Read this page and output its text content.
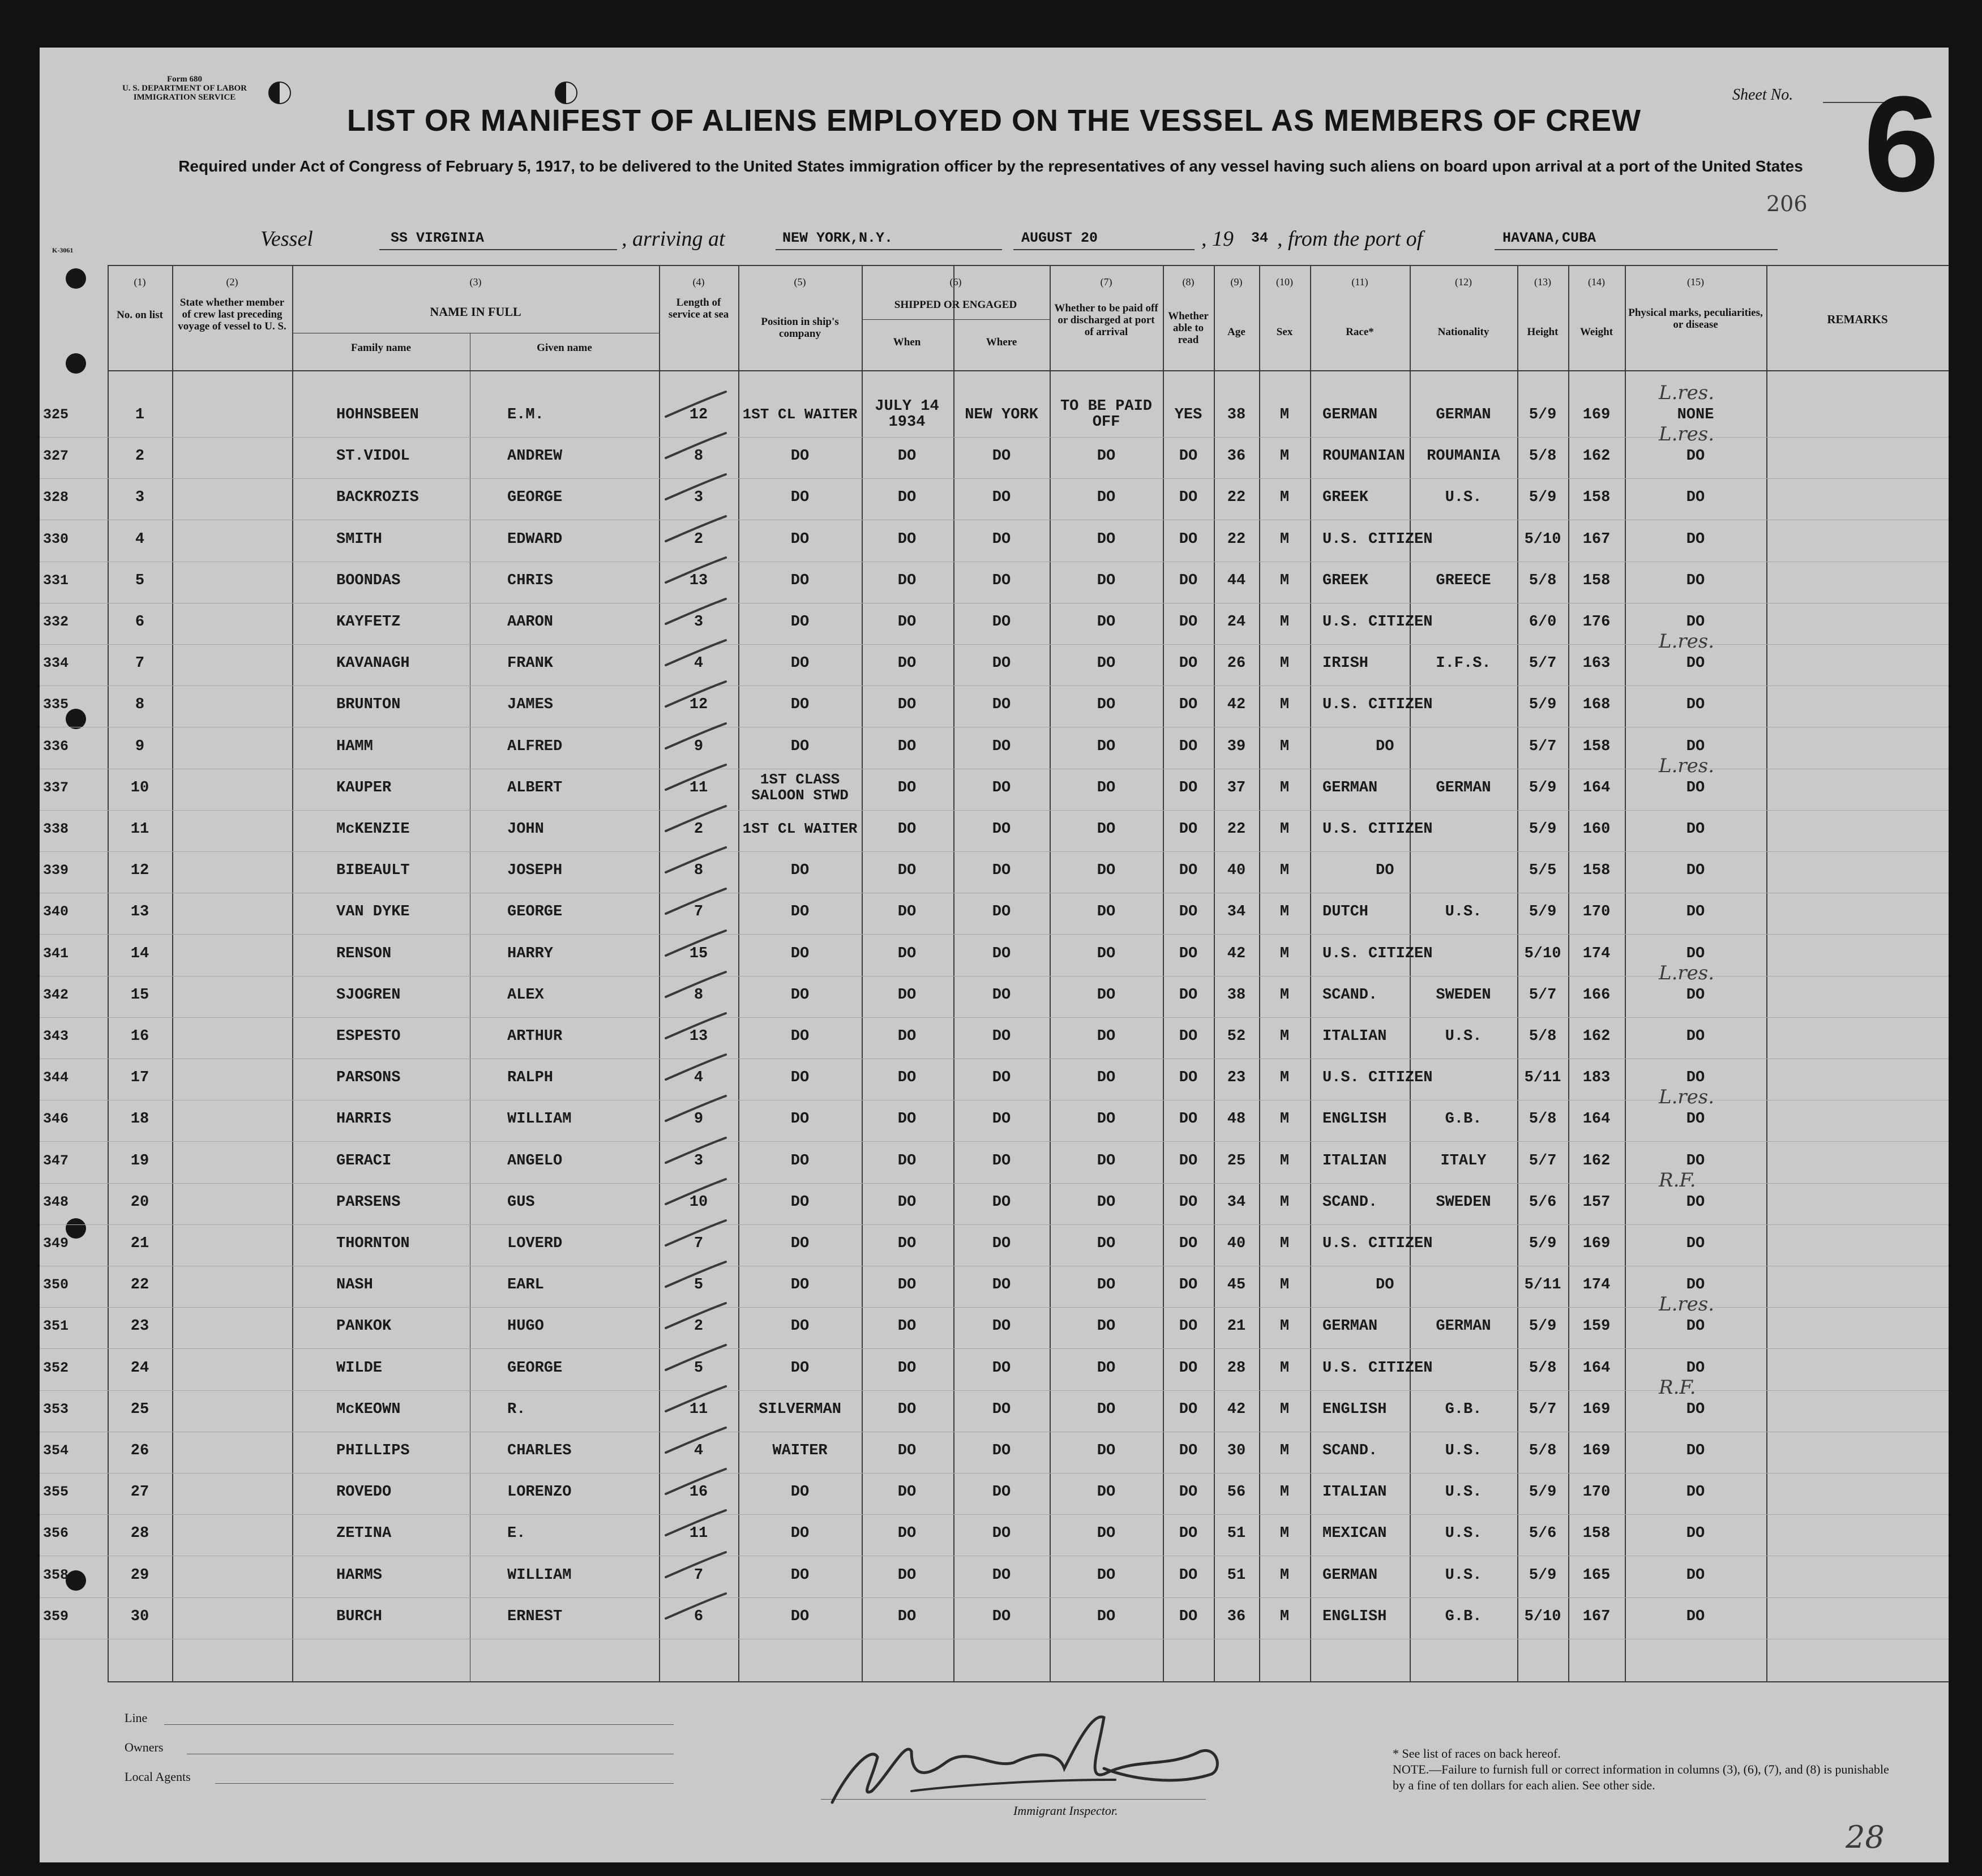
Form 680
U. S. DEPARTMENT OF LABOR
IMMIGRATION SERVICE
K-3061
Sheet No. 6
206
LIST OR MANIFEST OF ALIENS EMPLOYED ON THE VESSEL AS MEMBERS OF CREW
Required under Act of Congress of February 5, 1917, to be delivered to the United States immigration officer by the representatives of any vessel having such aliens on board upon arrival at a port of the United States
Vessel	SS VIRGINIA	, arriving at	NEW YORK,N.Y.	AUGUST 20	, 19 34 , from the port of	HAVANA,CUBA
(1)	(2)	(3)	(4)	(5)	(6)	(7)	(8)	(9)	(10)	(11)	(12)	(13)	(14)	(15)
No. on list
State whether member of crew last preceding voyage of vessel to U. S.
NAME IN FULL
Family name	Given name
Length of service at sea
Position in ship's company
SHIPPED OR ENGAGED
When	Where
Whether to be paid off or discharged at port of arrival
Whether able to read
Age	Sex	Race*	Nationality	Height	Weight
Physical marks, peculiarities, or disease	REMARKS
325	1	HOHNSBEEN	E.M.	12	1ST CL WAITER	JULY 14 1934	NEW YORK	TO BE PAID OFF	YES	38	M	GERMAN	GERMAN	5/9	169	NONE
L.res.
327	2	ST.VIDOL	ANDREW	8	DO	DO	DO	DO	DO	36	M	ROUMANIAN	ROUMANIA	5/8	162	DO
L.res.
328	3	BACKROZIS	GEORGE	3	DO	DO	DO	DO	DO	22	M	GREEK	U.S.	5/9	158	DO
330	4	SMITH	EDWARD	2	DO	DO	DO	DO	DO	22	M	U.S. CITIZEN	5/10	167	DO
331	5	BOONDAS	CHRIS	13	DO	DO	DO	DO	DO	44	M	GREEK	GREECE	5/8	158	DO
332	6	KAYFETZ	AARON	3	DO	DO	DO	DO	DO	24	M	U.S. CITIZEN	6/0	176	DO
334	7	KAVANAGH	FRANK	4	DO	DO	DO	DO	DO	26	M	IRISH	I.F.S.	5/7	163	DO
L.res.
335	8	BRUNTON	JAMES	12	DO	DO	DO	DO	DO	42	M	U.S. CITIZEN	5/9	168	DO
336	9	HAMM	ALFRED	9	DO	DO	DO	DO	DO	39	M	DO	5/7	158	DO
337	10	KAUPER	ALBERT	11	1ST CLASS SALOON STWD	DO	DO	DO	DO	37	M	GERMAN	GERMAN	5/9	164	DO
L.res.
338	11	McKENZIE	JOHN	2	1ST CL WAITER	DO	DO	DO	DO	22	M	U.S. CITIZEN	5/9	160	DO
339	12	BIBEAULT	JOSEPH	8	DO	DO	DO	DO	DO	40	M	DO	5/5	158	DO
340	13	VAN DYKE	GEORGE	7	DO	DO	DO	DO	DO	34	M	DUTCH	U.S.	5/9	170	DO
341	14	RENSON	HARRY	15	DO	DO	DO	DO	DO	42	M	U.S. CITIZEN	5/10	174	DO
342	15	SJOGREN	ALEX	8	DO	DO	DO	DO	DO	38	M	SCAND.	SWEDEN	5/7	166	DO
L.res.
343	16	ESPESTO	ARTHUR	13	DO	DO	DO	DO	DO	52	M	ITALIAN	U.S.	5/8	162	DO
344	17	PARSONS	RALPH	4	DO	DO	DO	DO	DO	23	M	U.S. CITIZEN	5/11	183	DO
346	18	HARRIS	WILLIAM	9	DO	DO	DO	DO	DO	48	M	ENGLISH	G.B.	5/8	164	DO
L.res.
347	19	GERACI	ANGELO	3	DO	DO	DO	DO	DO	25	M	ITALIAN	ITALY	5/7	162	DO
348	20	PARSENS	GUS	10	DO	DO	DO	DO	DO	34	M	SCAND.	SWEDEN	5/6	157	DO
R.F.
349	21	THORNTON	LOVERD	7	DO	DO	DO	DO	DO	40	M	U.S. CITIZEN	5/9	169	DO
350	22	NASH	EARL	5	DO	DO	DO	DO	DO	45	M	DO	5/11	174	DO
351	23	PANKOK	HUGO	2	DO	DO	DO	DO	DO	21	M	GERMAN	GERMAN	5/9	159	DO
L.res.
352	24	WILDE	GEORGE	5	DO	DO	DO	DO	DO	28	M	U.S. CITIZEN	5/8	164	DO
353	25	McKEOWN	R.	11	SILVERMAN	DO	DO	DO	DO	42	M	ENGLISH	G.B.	5/7	169	DO
R.F.
354	26	PHILLIPS	CHARLES	4	WAITER	DO	DO	DO	DO	30	M	SCAND.	U.S.	5/8	169	DO
355	27	ROVEDO	LORENZO	16	DO	DO	DO	DO	DO	56	M	ITALIAN	U.S.	5/9	170	DO
356	28	ZETINA	E.	11	DO	DO	DO	DO	DO	51	M	MEXICAN	U.S.	5/6	158	DO
358	29	HARMS	WILLIAM	7	DO	DO	DO	DO	DO	51	M	GERMAN	U.S.	5/9	165	DO
359	30	BURCH	ERNEST	6	DO	DO	DO	DO	DO	36	M	ENGLISH	G.B.	5/10	167	DO
Line
Owners
Local Agents
Immigrant Inspector.
* See list of races on back hereof.
NOTE.—Failure to furnish full or correct information in columns (3), (6), (7), and (8) is punishable by a fine of ten dollars for each alien. See other side.
28
